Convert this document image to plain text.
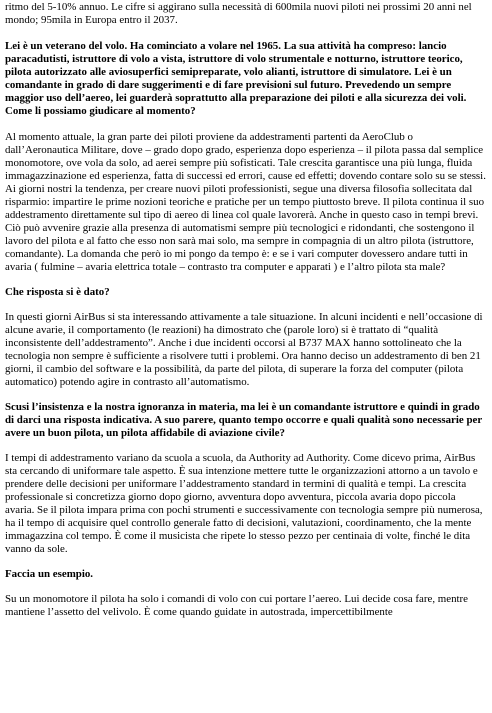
ritmo del 5-10% annuo. Le cifre si aggirano sulla necessità di 600mila nuovi piloti nei prossimi 20 anni nel mondo; 95mila in Europa entro il 2037.

Lei è un veterano del volo. Ha cominciato a volare nel 1965. La sua attività ha compreso: lancio paracadutisti, istruttore di volo a vista, istruttore di volo strumentale e notturno, istruttore teorico, pilota autorizzato alle aviosuperfici semipreparate, volo alianti, istruttore di simulatore. Lei è un comandante in grado di dare suggerimenti e di fare previsioni sul futuro. Prevedendo un sempre maggior uso dell’aereo, lei guarderà soprattutto alla preparazione dei piloti e alla sicurezza dei voli. Come li possiamo giudicare al momento?

Al momento attuale, la gran parte dei piloti proviene da addestramenti partenti da AeroClub o dall’Aeronautica Militare, dove – grado dopo grado, esperienza dopo esperienza – il pilota passa dal semplice monomotore, ove vola da solo, ad aerei sempre più sofisticati. Tale crescita garantisce una più lunga, fluida immagazzinazione ed esperienza, fatta di successi ed errori, cause ed effetti; dovendo contare solo su se stessi. Ai giorni nostri la tendenza, per creare nuovi piloti professionisti, segue una diversa filosofia sollecitata dal risparmio: impartire le prime nozioni teoriche e pratiche per un tempo piuttosto breve. Il pilota continua il suo addestramento direttamente sul tipo di aereo di linea col quale lavorerà. Anche in questo caso in tempi brevi. Ciò può avvenire grazie alla presenza di automatismi sempre più tecnologici e ridondanti, che sostengono il lavoro del pilota e al fatto che esso non sarà mai solo, ma sempre in compagnia di un altro pilota (istruttore, comandante). La domanda che però io mi pongo da tempo è: e se i vari computer dovessero andare tutti in avaria ( fulmine – avaria elettrica totale – contrasto tra computer e apparati ) e l’altro pilota sta male?

Che risposta si è dato?

In questi giorni AirBus si sta interessando attivamente a tale situazione. In alcuni incidenti e nell’occasione di alcune avarie, il comportamento (le reazioni) ha dimostrato che (parole loro) si è trattato di “qualità inconsistente dell’addestramento”. Anche i due incidenti occorsi al B737 MAX hanno sottolineato che la tecnologia non sempre è sufficiente a risolvere tutti i problemi. Ora hanno deciso un addestramento di ben 21 giorni, il cambio del software e la possibilità, da parte del pilota, di superare la forza del computer (pilota automatico) potendo agire in contrasto all’automatismo.

Scusi l’insistenza e la nostra ignoranza in materia, ma lei è un comandante istruttore e quindi in grado di darci una risposta indicativa. A suo parere, quanto tempo occorre e quali qualità sono necessarie per avere un buon pilota, un pilota affidabile di aviazione civile?

I tempi di addestramento variano da scuola a scuola, da Authority ad Authority. Come dicevo prima, AirBus sta cercando di uniformare tale aspetto. È sua intenzione mettere tutte le organizzazioni attorno a un tavolo e prendere delle decisioni per uniformare l’addestramento standard in termini di qualità e tempi. La crescita professionale si concretizza giorno dopo giorno, avventura dopo avventura, piccola avaria dopo piccola avaria. Se il pilota impara prima con pochi strumenti e successivamente con tecnologia sempre più numerosa, ha il tempo di acquisire quel controllo generale fatto di decisioni, valutazioni, coordinamento, che la mente immagazzina col tempo. È come il musicista che ripete lo stesso pezzo per centinaia di volte, finché le dita vanno da sole.

Faccia un esempio.

Su un monomotore il pilota ha solo i comandi di volo con cui portare l’aereo. Lui decide cosa fare, mentre mantiene l’assetto del velivolo. È come quando guidate in autostrada, impercettibilmente
